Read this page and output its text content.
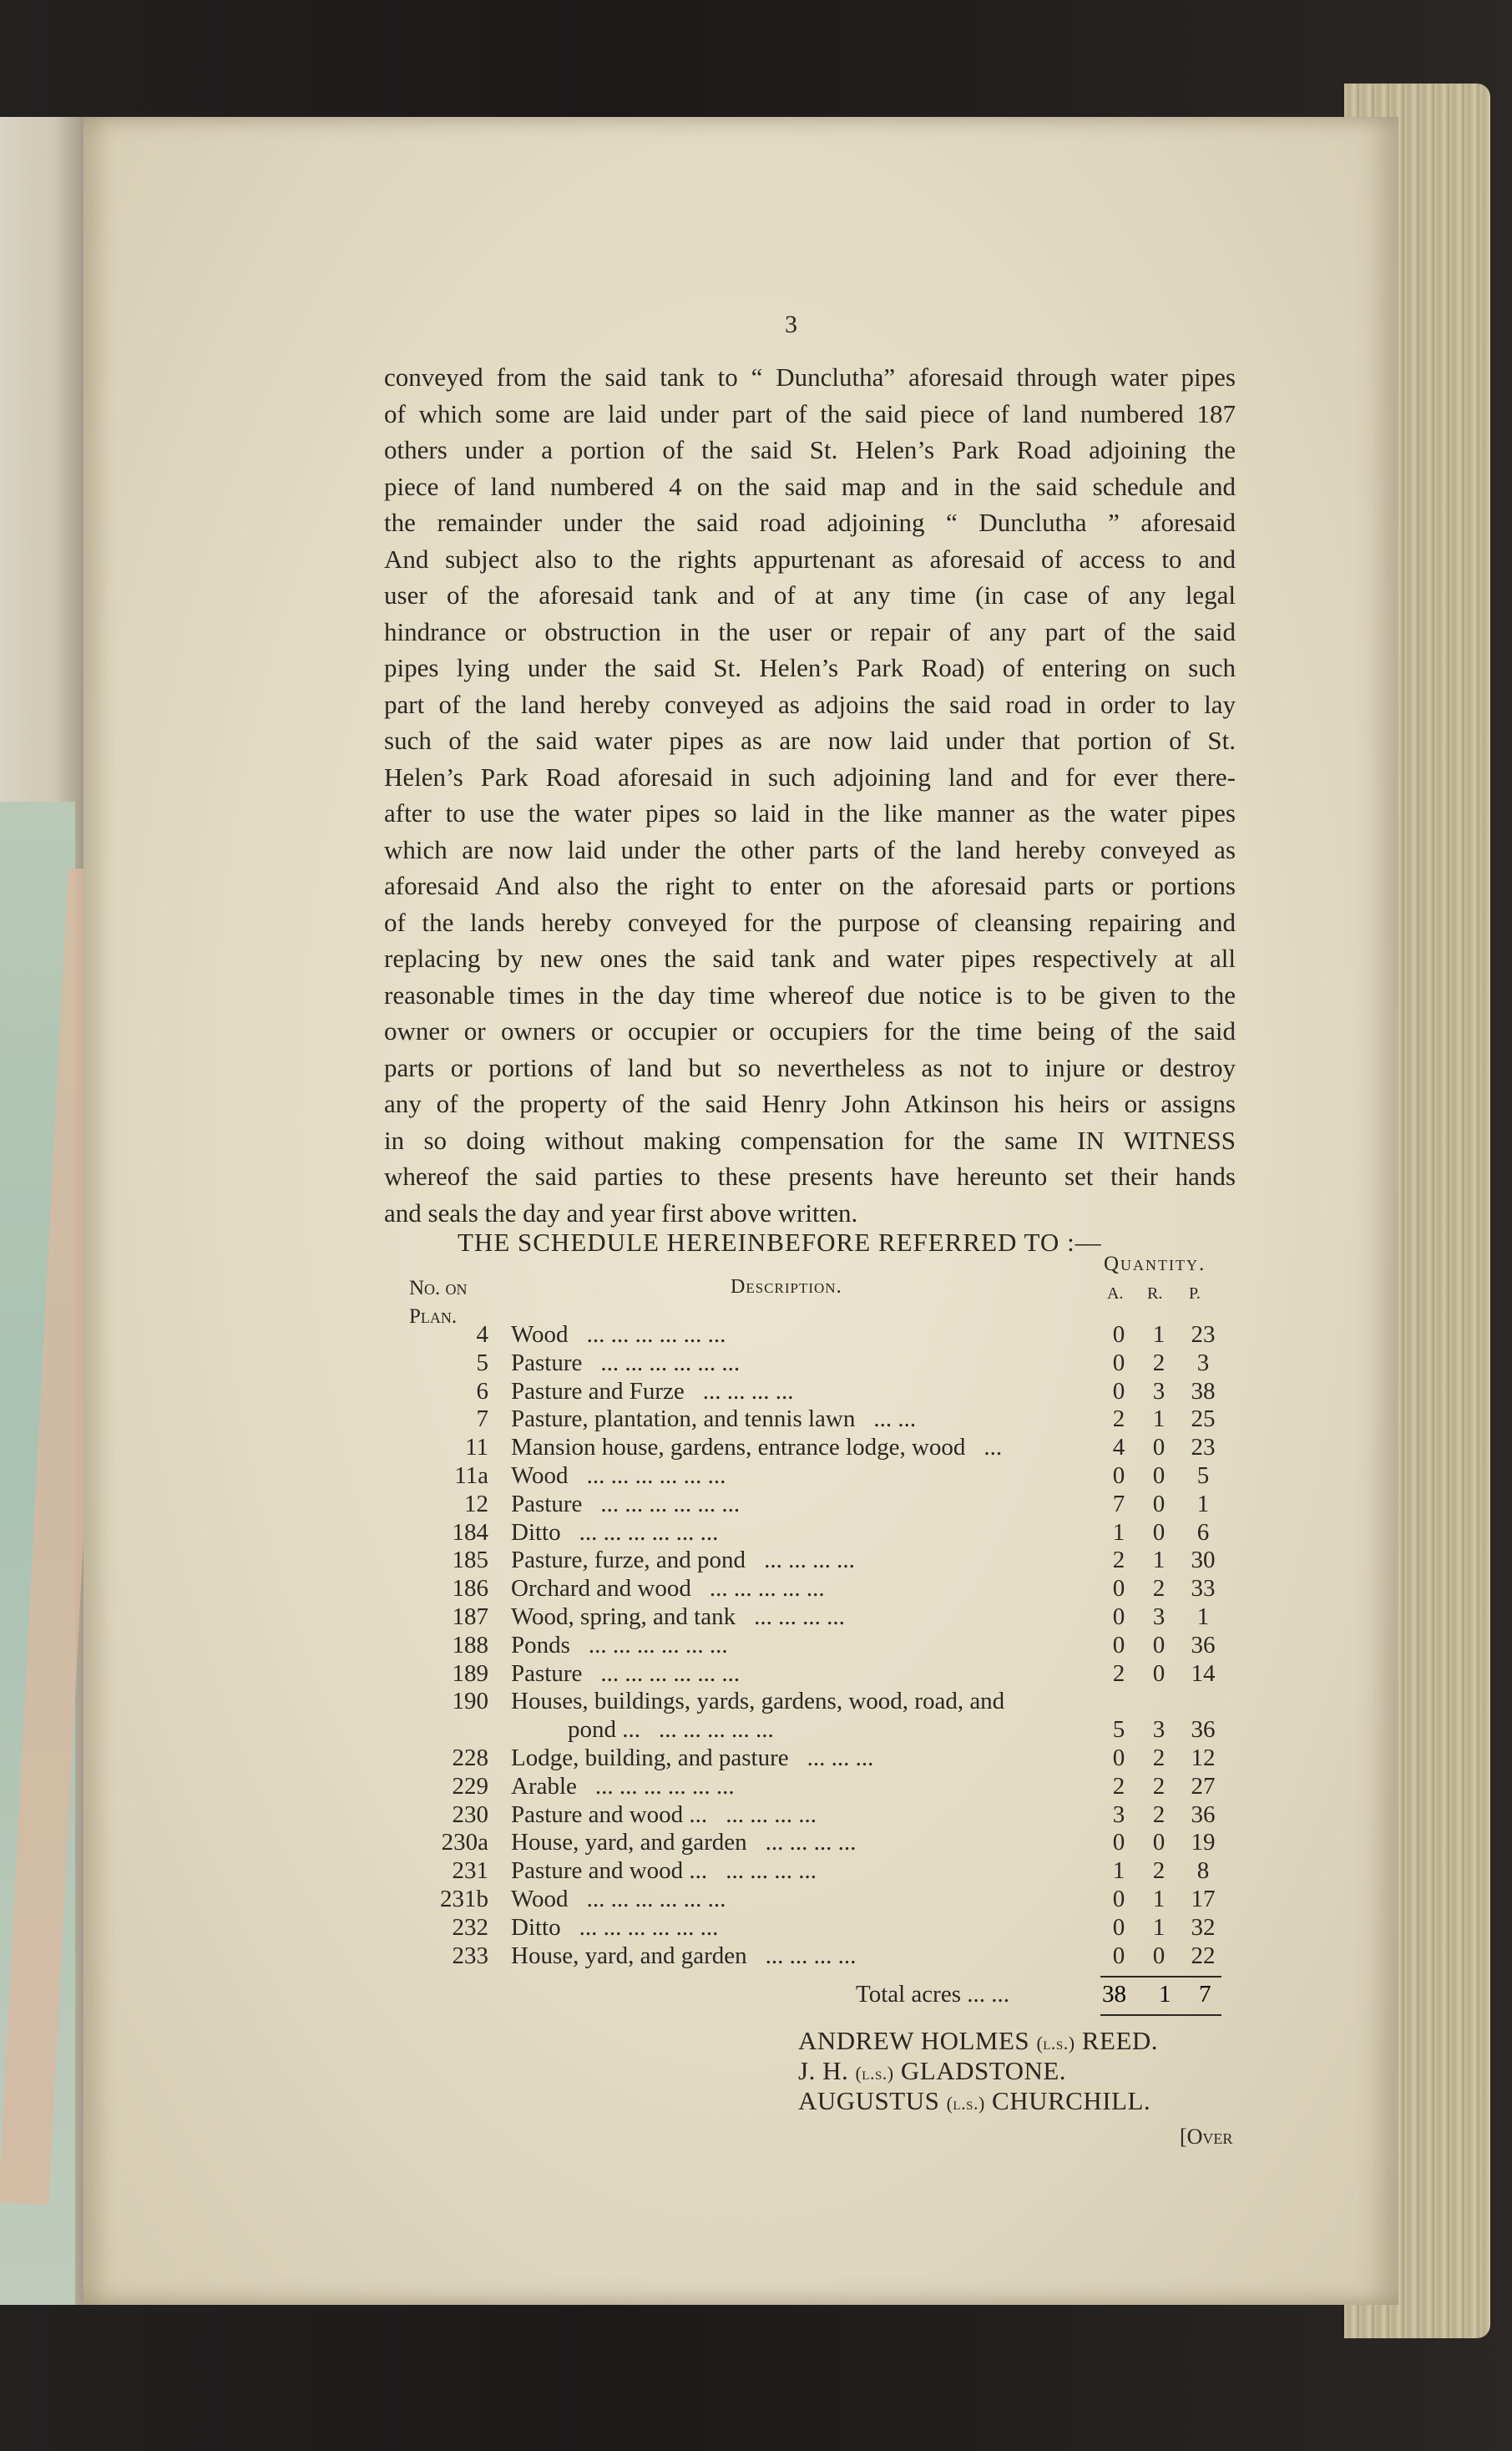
3
conveyed from the said tank to “ Dunclutha” aforesaid through water pipes
of which some are laid under part of the said piece of land numbered 187
others under a portion of the said St. Helen’s Park Road adjoining the
piece of land numbered 4 on the said map and in the said schedule and
the remainder under the said road adjoining “ Dunclutha ” aforesaid
And subject also to the rights appurtenant as aforesaid of access to and
user of the aforesaid tank and of at any time (in case of any legal
hindrance or obstruction in the user or repair of any part of the said
pipes lying under the said St. Helen’s Park Road) of entering on such
part of the land hereby conveyed as adjoins the said road in order to lay
such of the said water pipes as are now laid under that portion of St.
Helen’s Park Road aforesaid in such adjoining land and for ever there-
after to use the water pipes so laid in the like manner as the water pipes
which are now laid under the other parts of the land hereby conveyed as
aforesaid And also the right to enter on the aforesaid parts or portions
of the lands hereby conveyed for the purpose of cleansing repairing and
replacing by new ones the said tank and water pipes respectively at all
reasonable times in the day time whereof due notice is to be given to the
owner or owners or occupier or occupiers for the time being of the said
parts or portions of land but so nevertheless as not to injure or destroy
any of the property of the said Henry John Atkinson his heirs or assigns
in so doing without making compensation for the same IN WITNESS
whereof the said parties to these presents have hereunto set their hands
and seals the day and year first above written.
THE SCHEDULE HEREINBEFORE REFERRED TO :—
Quantity.
No. on
Plan.
Description.	A. R. P.
4 Wood ... ... ... ... ... ...	0	1	23
5 Pasture ... ... ... ... ... ...	0	2	3
6 Pasture and Furze ... ... ... ...	0	3	38
7 Pasture, plantation, and tennis lawn ... ...	2	1	25
11 Mansion house, gardens, entrance lodge, wood ...	4	0	23
11a Wood ... ... ... ... ... ...	0	0	5
12 Pasture ... ... ... ... ... ...	7	0	1
184 Ditto ... ... ... ... ... ...	1	0	6
185 Pasture, furze, and pond ... ... ... ...	2	1	30
186 Orchard and wood ... ... ... ... ...	0	2	33
187 Wood, spring, and tank ... ... ... ...	0	3	1
188 Ponds ... ... ... ... ... ...	0	0	36
189 Pasture ... ... ... ... ... ...	2	0	14
190 Houses, buildings, yards, gardens, wood, road, and
pond ... ... ... ... ... ...	5	3	36
228 Lodge, building, and pasture ... ... ...	0	2	12
229 Arable ... ... ... ... ... ...	2	2	27
230 Pasture and wood ... ... ... ... ...	3	2	36
230a House, yard, and garden ... ... ... ...	0	0	19
231 Pasture and wood ... ... ... ... ...	1	2	8
231b Wood ... ... ... ... ... ...	0	1	17
232 Ditto ... ... ... ... ... ...	0	1	32
233 House, yard, and garden ... ... ... ...	0	0	22
Total acres ... ...	38 1 7
ANDREW HOLMES (l.s.) REED.
J. H. (l.s.) GLADSTONE.
AUGUSTUS (l.s.) CHURCHILL.
[Over
